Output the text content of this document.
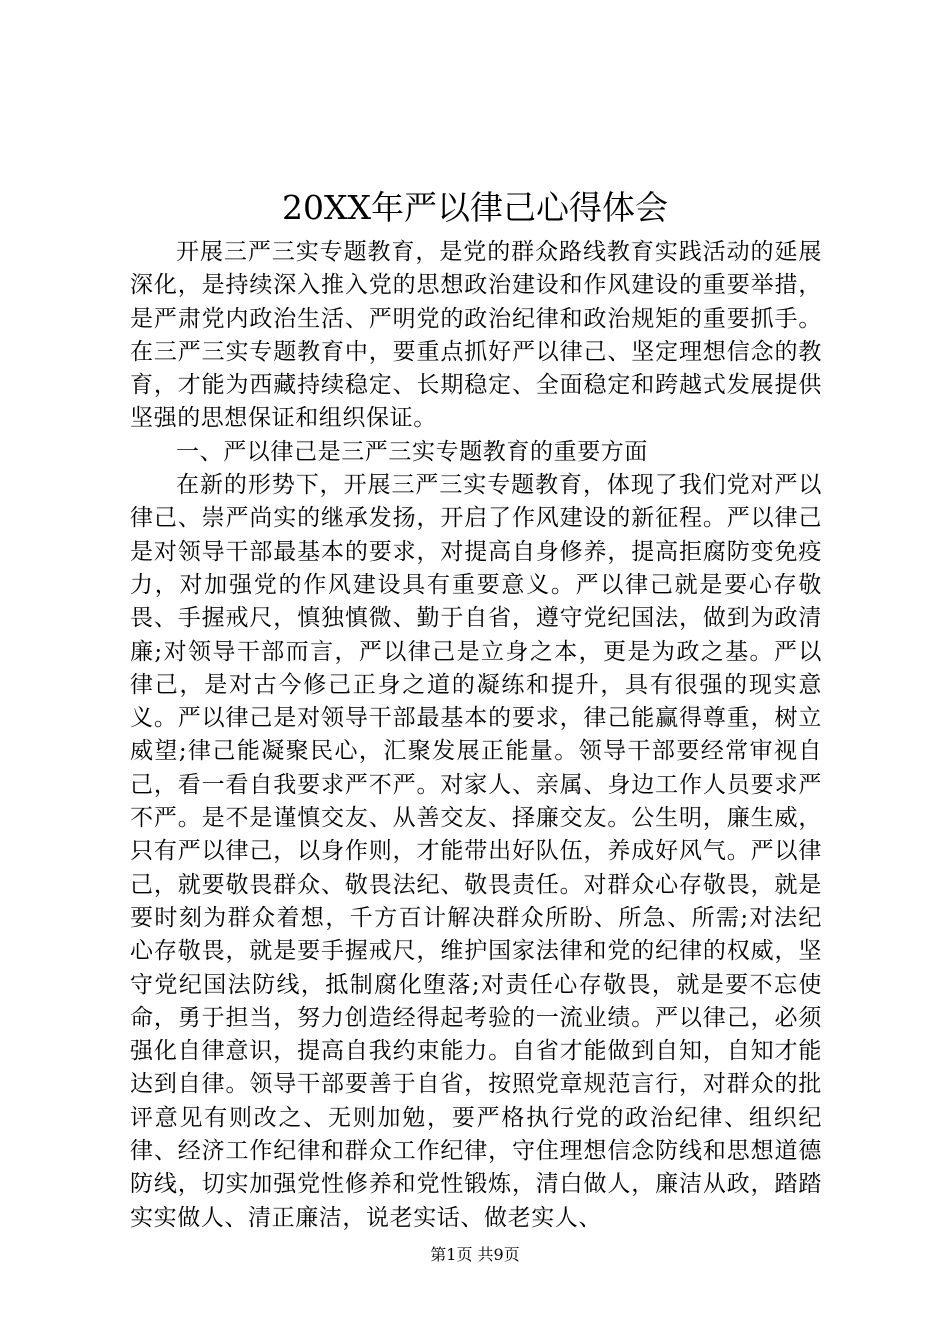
20XX年严以律己心得体会

开展三严三实专题教育，是党的群众路线教育实践活动的延展深化，是持续深入推入党的思想政治建设和作风建设的重要举措，是严肃党内政治生活、严明党的政治纪律和政治规矩的重要抓手。在三严三实专题教育中，要重点抓好严以律己、坚定理想信念的教育，才能为西藏持续稳定、长期稳定、全面稳定和跨越式发展提供坚强的思想保证和组织保证。

一、严以律己是三严三实专题教育的重要方面

在新的形势下，开展三严三实专题教育，体现了我们党对严以律己、崇严尚实的继承发扬，开启了作风建设的新征程。严以律己是对领导干部最基本的要求，对提高自身修养，提高拒腐防变免疫力，对加强党的作风建设具有重要意义。严以律己就是要心存敬畏、手握戒尺，慎独慎微、勤于自省，遵守党纪国法，做到为政清廉;对领导干部而言，严以律己是立身之本，更是为政之基。严以律己，是对古今修己正身之道的凝练和提升，具有很强的现实意义。严以律己是对领导干部最基本的要求，律己能赢得尊重，树立威望;律己能凝聚民心，汇聚发展正能量。领导干部要经常审视自己，看一看自我要求严不严。对家人、亲属、身边工作人员要求严不严。是不是谨慎交友、从善交友、择廉交友。公生明，廉生威，只有严以律己，以身作则，才能带出好队伍，养成好风气。严以律己，就要敬畏群众、敬畏法纪、敬畏责任。对群众心存敬畏，就是要时刻为群众着想，千方百计解决群众所盼、所急、所需;对法纪心存敬畏，就是要手握戒尺，维护国家法律和党的纪律的权威，坚守党纪国法防线，抵制腐化堕落;对责任心存敬畏，就是要不忘使命，勇于担当，努力创造经得起考验的一流业绩。严以律己，必须强化自律意识，提高自我约束能力。自省才能做到自知，自知才能达到自律。领导干部要善于自省，按照党章规范言行，对群众的批评意见有则改之、无则加勉，要严格执行党的政治纪律、组织纪律、经济工作纪律和群众工作纪律，守住理想信念防线和思想道德防线，切实加强党性修养和党性锻炼，清白做人，廉洁从政，踏踏实实做人、清正廉洁，说老实话、做老实人、

第1页 共9页
